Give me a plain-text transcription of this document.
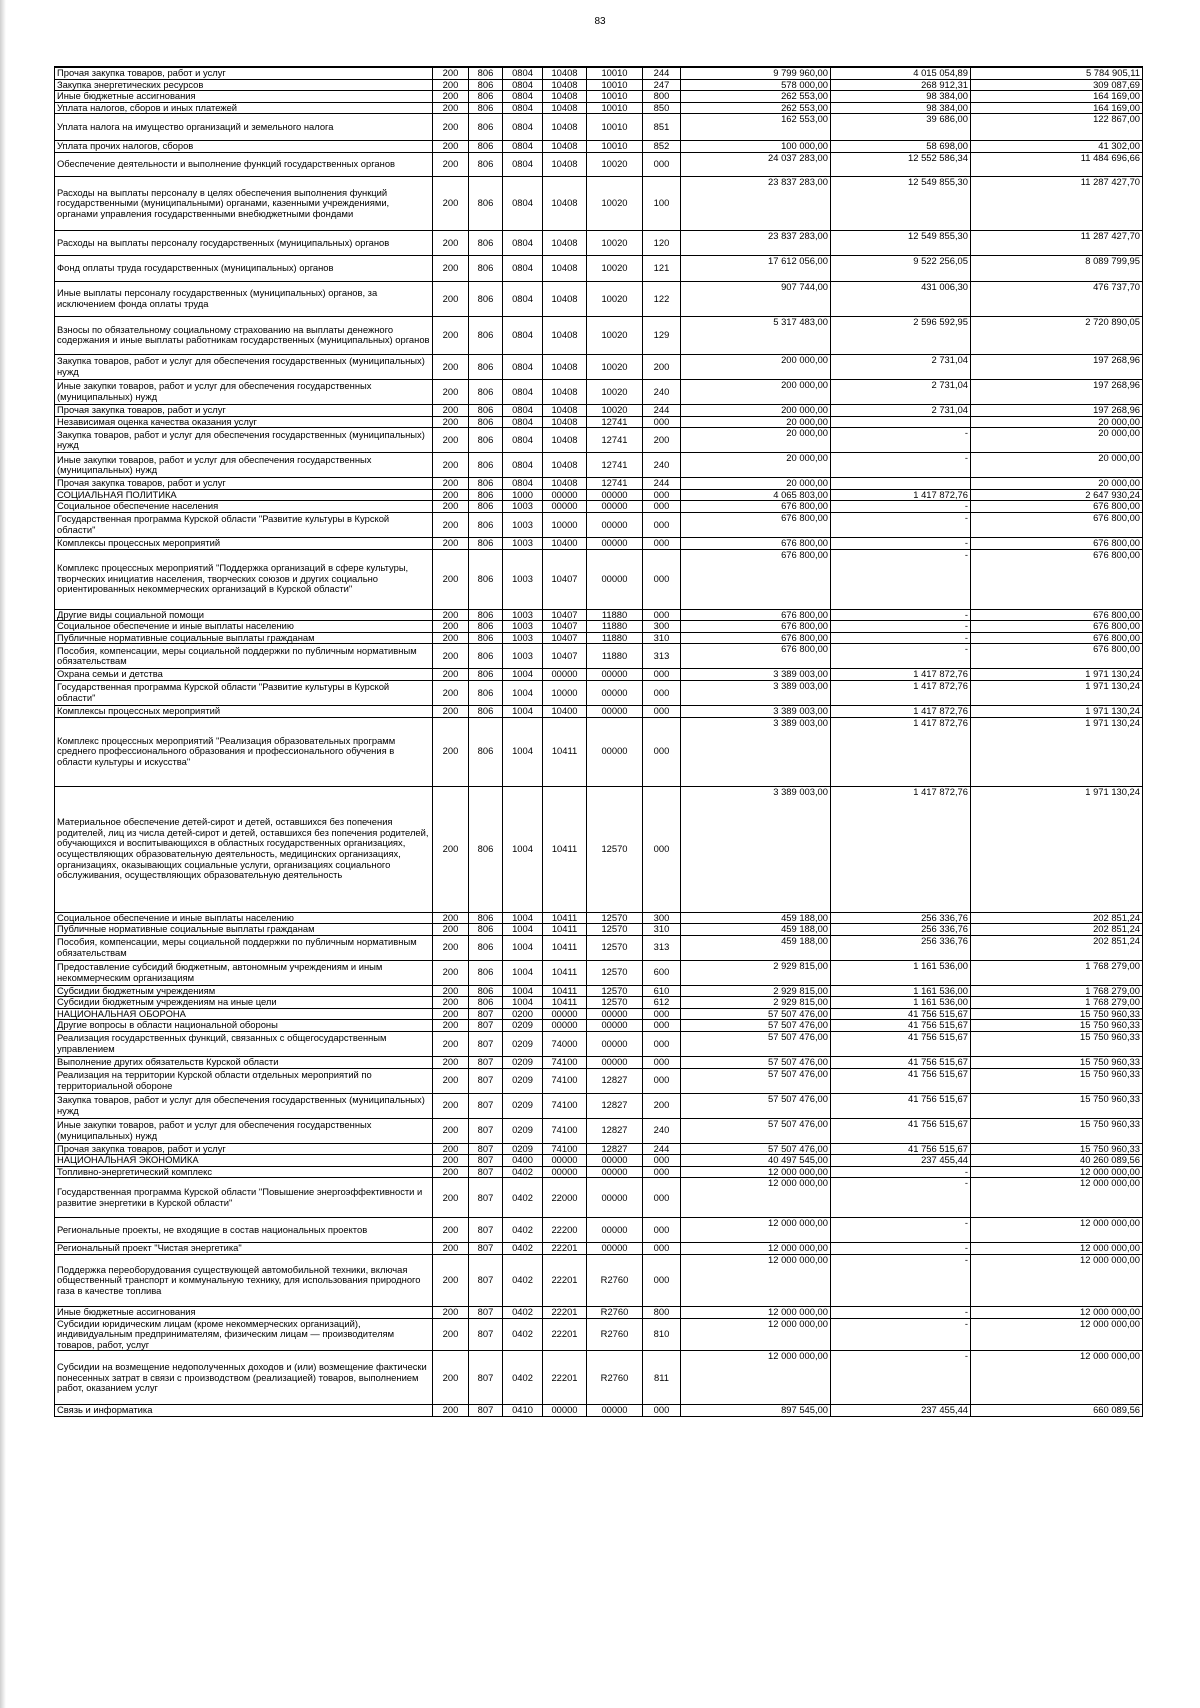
83
Прочая закупка товаров, работ и услуг	200	806	0804	10408	10010	244	9 799 960,00	4 015 054,89	5 784 905,11
Закупка энергетических ресурсов	200	806	0804	10408	10010	247	578 000,00	268 912,31	309 087,69
Иные бюджетные ассигнования	200	806	0804	10408	10010	800	262 553,00	98 384,00	164 169,00
Уплата налогов, сборов и иных платежей	200	806	0804	10408	10010	850	262 553,00	98 384,00	164 169,00
Уплата налога на имущество организаций и земельного налога	200	806	0804	10408	10010	851	162 553,00	39 686,00	122 867,00
Уплата прочих налогов, сборов	200	806	0804	10408	10010	852	100 000,00	58 698,00	41 302,00
Обеспечение деятельности и выполнение функций государственных органов	200	806	0804	10408	10020	000	24 037 283,00	12 552 586,34	11 484 696,66
Расходы на выплаты персоналу в целях обеспечения выполнения функций государственными (муниципальными) органами, казенными учреждениями, органами управления государственными внебюджетными фондами	200	806	0804	10408	10020	100	23 837 283,00	12 549 855,30	11 287 427,70
Расходы на выплаты персоналу государственных (муниципальных) органов	200	806	0804	10408	10020	120	23 837 283,00	12 549 855,30	11 287 427,70
Фонд оплаты труда государственных (муниципальных) органов	200	806	0804	10408	10020	121	17 612 056,00	9 522 256,05	8 089 799,95
Иные выплаты персоналу государственных (муниципальных) органов, за исключением фонда оплаты труда	200	806	0804	10408	10020	122	907 744,00	431 006,30	476 737,70
Взносы по обязательному социальному страхованию на выплаты денежного содержания и иные выплаты работникам государственных (муниципальных) органов	200	806	0804	10408	10020	129	5 317 483,00	2 596 592,95	2 720 890,05
Закупка товаров, работ и услуг для обеспечения государственных (муниципальных) нужд	200	806	0804	10408	10020	200	200 000,00	2 731,04	197 268,96
Иные закупки товаров, работ и услуг для обеспечения государственных (муниципальных) нужд	200	806	0804	10408	10020	240	200 000,00	2 731,04	197 268,96
Прочая закупка товаров, работ и услуг	200	806	0804	10408	10020	244	200 000,00	2 731,04	197 268,96
Независимая оценка качества оказания услуг	200	806	0804	10408	12741	000	20 000,00		20 000,00
Закупка товаров, работ и услуг для обеспечения государственных (муниципальных) нужд	200	806	0804	10408	12741	200	20 000,00	-	20 000,00
Иные закупки товаров, работ и услуг для обеспечения государственных (муниципальных) нужд	200	806	0804	10408	12741	240	20 000,00	-	20 000,00
Прочая закупка товаров, работ и услуг	200	806	0804	10408	12741	244	20 000,00		20 000,00
СОЦИАЛЬНАЯ ПОЛИТИКА	200	806	1000	00000	00000	000	4 065 803,00	1 417 872,76	2 647 930,24
Социальное обеспечение населения	200	806	1003	00000	00000	000	676 800,00	-	676 800,00
Государственная программа Курской области "Развитие культуры в Курской области"	200	806	1003	10000	00000	000	676 800,00	-	676 800,00
Комплексы процессных мероприятий	200	806	1003	10400	00000	000	676 800,00	-	676 800,00
Комплекс процессных мероприятий "Поддержка организаций в сфере культуры, творческих инициатив населения, творческих союзов и других социально ориентированных некоммерческих организаций в Курской области"	200	806	1003	10407	00000	000	676 800,00	-	676 800,00
Другие виды социальной помощи	200	806	1003	10407	11880	000	676 800,00	-	676 800,00
Социальное обеспечение и иные выплаты населению	200	806	1003	10407	11880	300	676 800,00	-	676 800,00
Публичные нормативные социальные выплаты гражданам	200	806	1003	10407	11880	310	676 800,00	-	676 800,00
Пособия, компенсации, меры социальной поддержки по публичным нормативным обязательствам	200	806	1003	10407	11880	313	676 800,00	-	676 800,00
Охрана семьи и детства	200	806	1004	00000	00000	000	3 389 003,00	1 417 872,76	1 971 130,24
Государственная программа Курской области "Развитие культуры в Курской области"	200	806	1004	10000	00000	000	3 389 003,00	1 417 872,76	1 971 130,24
Комплексы процессных мероприятий	200	806	1004	10400	00000	000	3 389 003,00	1 417 872,76	1 971 130,24
Комплекс процессных мероприятий "Реализация образовательных программ среднего профессионального образования и профессионального обучения в области культуры и искусства"	200	806	1004	10411	00000	000	3 389 003,00	1 417 872,76	1 971 130,24
Материальное обеспечение детей-сирот и детей, оставшихся без попечения родителей, лиц из числа детей-сирот и детей, оставшихся без попечения родителей, обучающихся и воспитывающихся в областных государственных организациях, осуществляющих образовательную деятельность, медицинских организациях, организациях, оказывающих социальные услуги, организациях социального обслуживания, осуществляющих образовательную деятельность	200	806	1004	10411	12570	000	3 389 003,00	1 417 872,76	1 971 130,24
Социальное обеспечение и иные выплаты населению	200	806	1004	10411	12570	300	459 188,00	256 336,76	202 851,24
Публичные нормативные социальные выплаты гражданам	200	806	1004	10411	12570	310	459 188,00	256 336,76	202 851,24
Пособия, компенсации, меры социальной поддержки по публичным нормативным обязательствам	200	806	1004	10411	12570	313	459 188,00	256 336,76	202 851,24
Предоставление субсидий бюджетным, автономным учреждениям и иным некоммерческим организациям	200	806	1004	10411	12570	600	2 929 815,00	1 161 536,00	1 768 279,00
Субсидии бюджетным учреждениям	200	806	1004	10411	12570	610	2 929 815,00	1 161 536,00	1 768 279,00
Субсидии бюджетным учреждениям на иные цели	200	806	1004	10411	12570	612	2 929 815,00	1 161 536,00	1 768 279,00
НАЦИОНАЛЬНАЯ ОБОРОНА	200	807	0200	00000	00000	000	57 507 476,00	41 756 515,67	15 750 960,33
Другие вопросы в области национальной обороны	200	807	0209	00000	00000	000	57 507 476,00	41 756 515,67	15 750 960,33
Реализация государственных функций, связанных с общегосударственным управлением	200	807	0209	74000	00000	000	57 507 476,00	41 756 515,67	15 750 960,33
Выполнение других обязательств Курской области	200	807	0209	74100	00000	000	57 507 476,00	41 756 515,67	15 750 960,33
Реализация на территории Курской области отдельных мероприятий по территориальной обороне	200	807	0209	74100	12827	000	57 507 476,00	41 756 515,67	15 750 960,33
Закупка товаров, работ и услуг для обеспечения государственных (муниципальных) нужд	200	807	0209	74100	12827	200	57 507 476,00	41 756 515,67	15 750 960,33
Иные закупки товаров, работ и услуг для обеспечения государственных (муниципальных) нужд	200	807	0209	74100	12827	240	57 507 476,00	41 756 515,67	15 750 960,33
Прочая закупка товаров, работ и услуг	200	807	0209	74100	12827	244	57 507 476,00	41 756 515,67	15 750 960,33
НАЦИОНАЛЬНАЯ ЭКОНОМИКА	200	807	0400	00000	00000	000	40 497 545,00	237 455,44	40 260 089,56
Топливно-энергетический комплекс	200	807	0402	00000	00000	000	12 000 000,00	-	12 000 000,00
Государственная программа Курской области "Повышение энергоэффективности и развитие энергетики в Курской области"	200	807	0402	22000	00000	000	12 000 000,00	-	12 000 000,00
Региональные проекты, не входящие в состав национальных проектов	200	807	0402	22200	00000	000	12 000 000,00	-	12 000 000,00
Региональный проект "Чистая энергетика"	200	807	0402	22201	00000	000	12 000 000,00	-	12 000 000,00
Поддержка переоборудования существующей автомобильной техники, включая общественный транспорт и коммунальную технику, для использования природного газа в качестве топлива	200	807	0402	22201	R2760	000	12 000 000,00	-	12 000 000,00
Иные бюджетные ассигнования	200	807	0402	22201	R2760	800	12 000 000,00	-	12 000 000,00
Субсидии юридическим лицам (кроме некоммерческих организаций), индивидуальным предпринимателям, физическим лицам — производителям товаров, работ, услуг	200	807	0402	22201	R2760	810	12 000 000,00	-	12 000 000,00
Субсидии на возмещение недополученных доходов и (или) возмещение фактически понесенных затрат в связи с производством (реализацией) товаров, выполнением работ, оказанием услуг	200	807	0402	22201	R2760	811	12 000 000,00	-	12 000 000,00
Связь и информатика	200	807	0410	00000	00000	000	897 545,00	237 455,44	660 089,56
